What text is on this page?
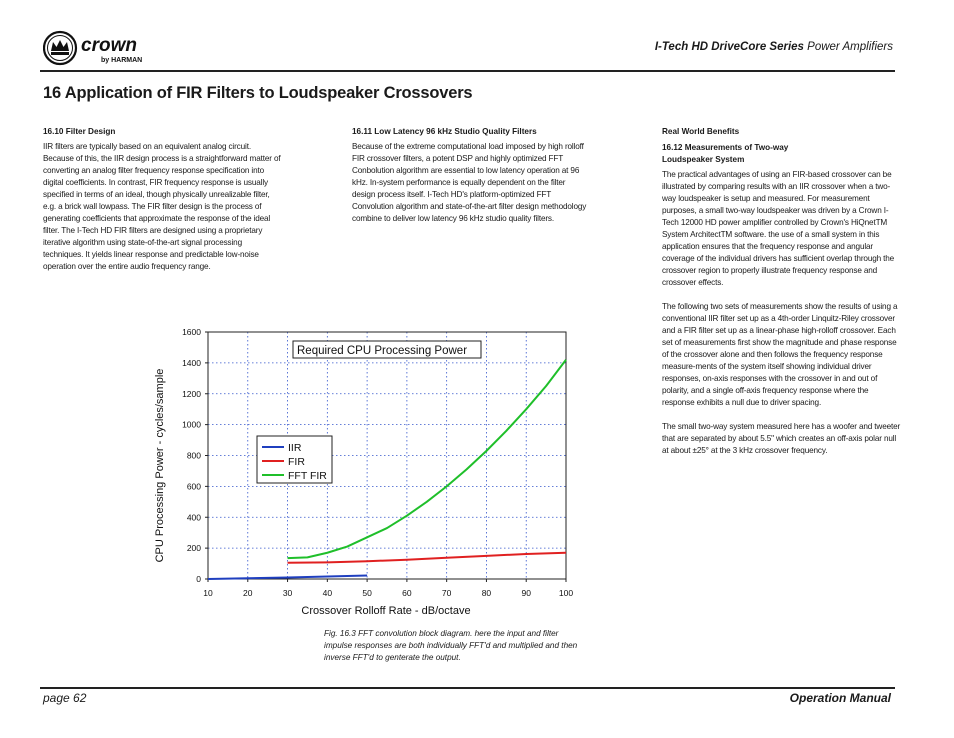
crown
by HARMAN
I-Tech HD DriveCore Series Power Amplifiers
16 Application of FIR Filters to Loudspeaker Crossovers
16.10 Filter Design

IIR filters are typically based on an equivalent analog circuit. Because of this, the IIR design process is a straightforward matter of converting an analog filter frequency response specification into digital coefficients. In contrast, FIR frequency response is usually specified in terms of an ideal, though physically unrealizable filter, e.g. a brick wall lowpass. The FIR filter design is the process of generating coefficients that approximate the response of the ideal filter. The I-Tech HD FIR filters are designed using a proprietary iterative algorithm using state-of-the-art signal processing techniques. It yields linear response and predictable low-noise operation over the entire audio frequency range.

16.11 Low Latency 96 kHz Studio Quality Filters

Because of the extreme computational load imposed by high rolloff FIR crossover filters, a potent DSP and highly optimized FFT Conbolution algorithm are essential to low latency operation at 96 kHz. In-system performance is equally dependent on the filter design process itself. I-Tech HD's platform-optimized FFT Convolution algorithm and state-of-the-art filter design methodology combine to deliver low latency 96 kHz studio quality filters.

Real World Benefits
16.12 Measurements of Two-way Loudspeaker System

The practical advantages of using an FIR-based crossover can be illustrated by comparing results with an IIR crossover when a two-way loudspeaker is setup and measured. For measurement purposes, a small two-way loudspeaker was driven by a Crown I-Tech 12000 HD power amplifier controlled by Crown's HiQnetTM System ArchitectTM software. the use of a small system in this application ensures that the frequency response and angular coverage of the individual drivers has sufficient overlap through the crossover region to properly illustrate frequency response and crossover effects.

The following two sets of measurements show the results of using a conventional IIR filter set up as a 4th-order Linquitz-Riley crossover and a FIR filter set up as a linear-phase high-rolloff crossover. Each set of measurements first show the magnitude and phase response of the crossover alone and then follows the frequency response measure-ments of the system itself showing individual driver responses, on-axis responses with the crossover in and out of polarity, and a single off-axis frequency response where the response exhibits a null due to driver spacing.

The small two-way system measured here has a woofer and tweeter that are separated by about 5.5" which creates an off-axis polar null at about ±25° at the 3 kHz crossover frequency.

10	20	30	40	50	60	70	80	90	100
0
200
400
600
800
1000
1200
1400
1600
Required CPU Processing Power
IIR
FIR
FFT FIR
Crossover Rolloff Rate - dB/octave
CPU Processing Power - cycles/sample
Fig. 16.3 FFT convolution block diagram. here the input and filter impulse responses are both individually FFT'd and multiplied and then inverse FFT'd to genterate the output.
page 62	Operation Manual
